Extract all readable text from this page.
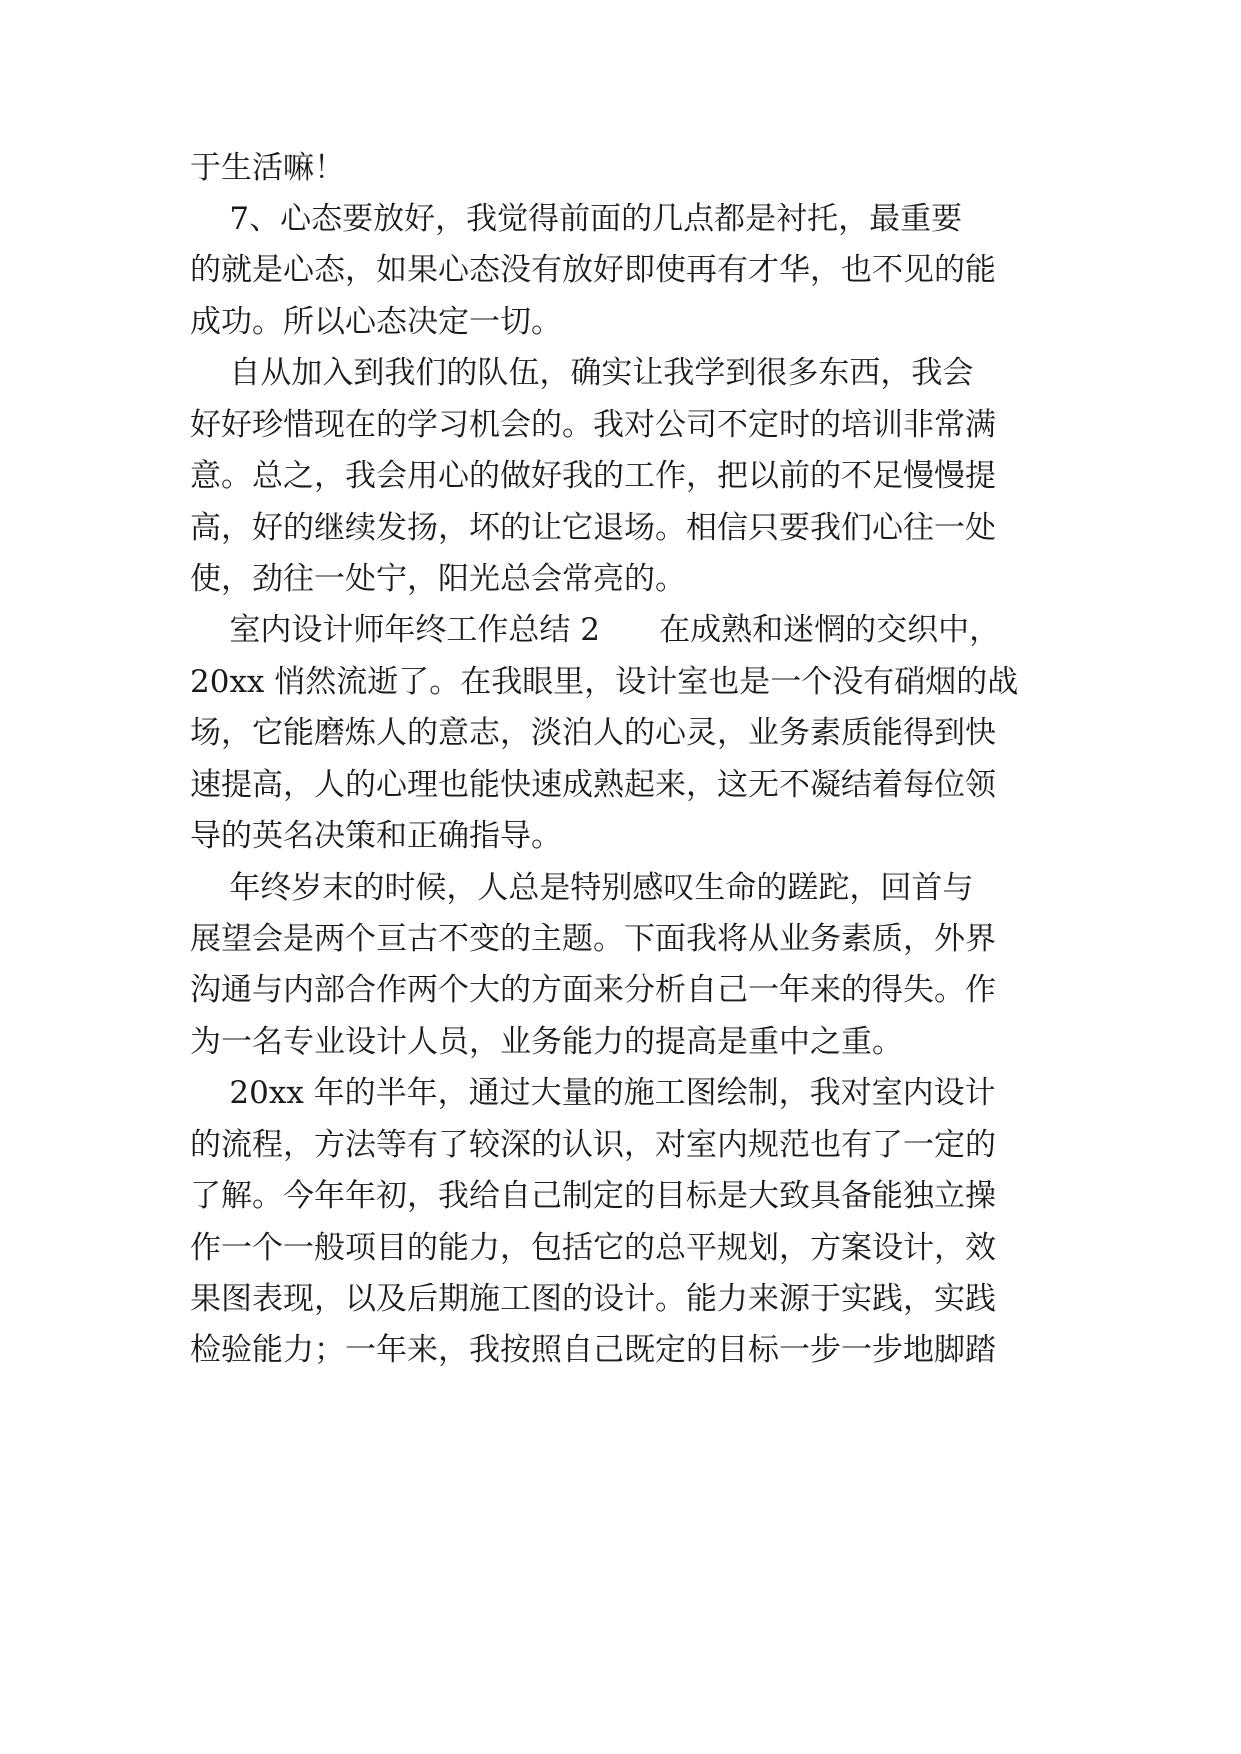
于生活嘛！

7、心态要放好，我觉得前面的几点都是衬托，最重要

的就是心态，如果心态没有放好即使再有才华，也不见的能

成功。所以心态决定一切。

自从加入到我们的队伍，确实让我学到很多东西，我会

好好珍惜现在的学习机会的。我对公司不定时的培训非常满

意。总之，我会用心的做好我的工作，把以前的不足慢慢提

高，好的继续发扬，坏的让它退场。相信只要我们心往一处

使，劲往一处宁，阳光总会常亮的。

室内设计师年终工作总结 2      在成熟和迷惘的交织中，

20xx 悄然流逝了。在我眼里，设计室也是一个没有硝烟的战

场，它能磨炼人的意志，淡泊人的心灵，业务素质能得到快

速提高，人的心理也能快速成熟起来，这无不凝结着每位领

导的英名决策和正确指导。

年终岁末的时候，人总是特别感叹生命的蹉跎，回首与

展望会是两个亘古不变的主题。下面我将从业务素质，外界

沟通与内部合作两个大的方面来分析自己一年来的得失。作

为一名专业设计人员，业务能力的提高是重中之重。

20xx 年的半年，通过大量的施工图绘制，我对室内设计

的流程，方法等有了较深的认识，对室内规范也有了一定的

了解。今年年初，我给自己制定的目标是大致具备能独立操

作一个一般项目的能力，包括它的总平规划，方案设计，效

果图表现，以及后期施工图的设计。能力来源于实践，实践

检验能力；一年来，我按照自己既定的目标一步一步地脚踏
